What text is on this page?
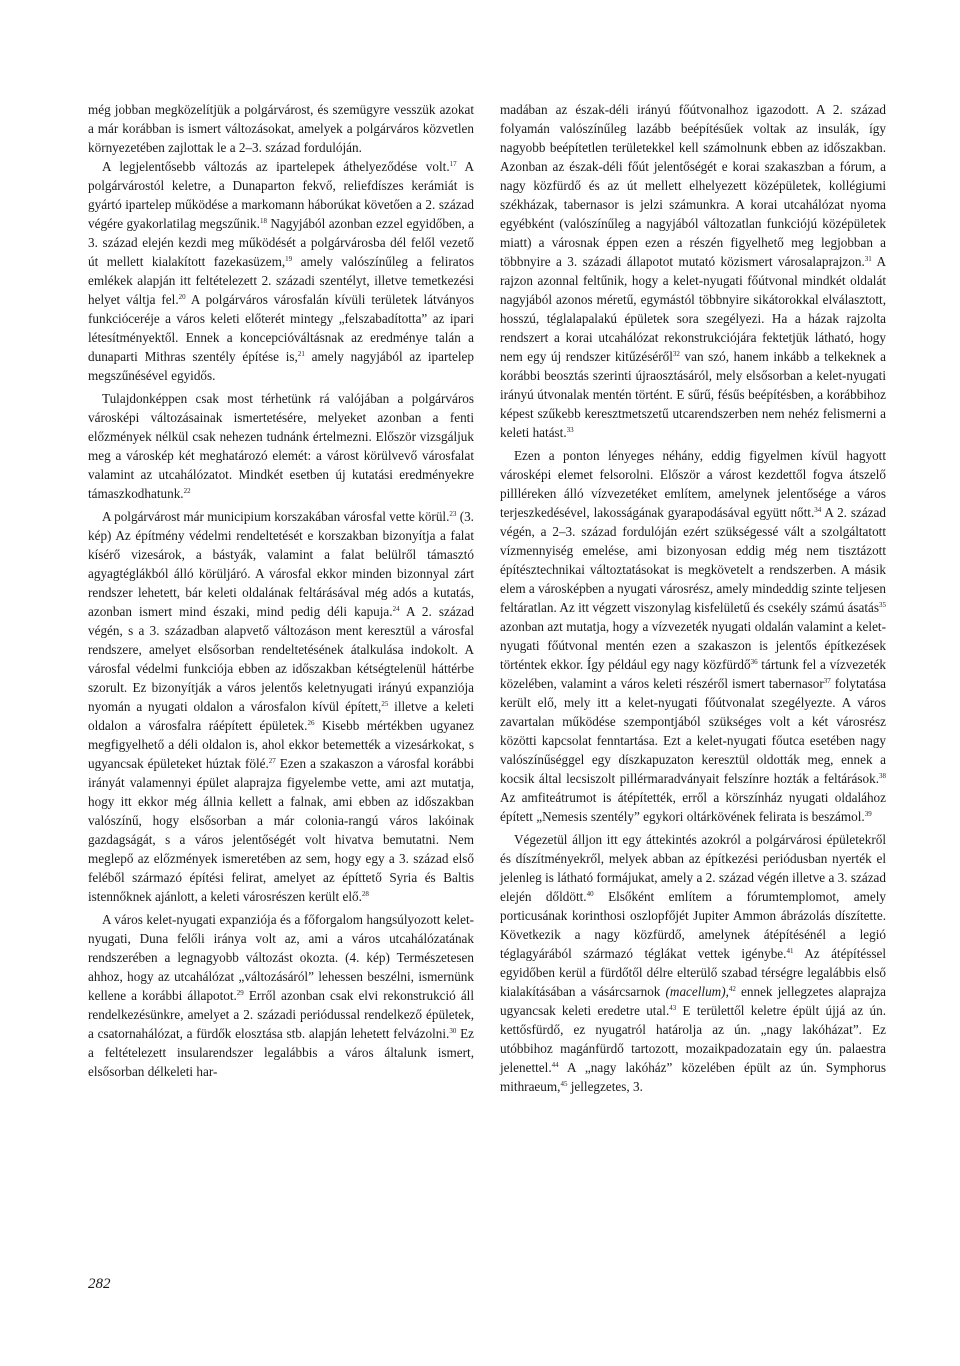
még jobban megközelítjük a polgárvárost, és szemügyre vesszük azokat a már korábban is ismert változásokat, amelyek a polgárváros közvetlen környezetében zajlottak le a 2–3. század fordulóján.

A legjelentősebb változás az ipartelepek áthelyeződése volt.$^{17}$ A polgárvárostól keletre, a Dunaparton fekvő, reliefdíszes kerámiát is gyártó ipartelep működése a markomann háborúkat követően a 2. század végére gyakorlatilag megszűnik.$^{18}$ Nagyjából azonban ezzel egyidőben, a 3. század elején kezdi meg működését a polgárvárosba dél felől vezető út mellett kialakított fazekasüzem,$^{19}$ amely valószínűleg a feliratos emlékek alapján itt feltételezett 2. századi szentélyt, illetve temetkezési helyet váltja fel.$^{20}$ A polgárváros városfalán kívüli területek látványos funkcióceréje a város keleti előterét mintegy „felszabadította” az ipari létesítményektől. Ennek a koncepcióváltásnak az eredménye talán a dunaparti Mithras szentély építése is,$^{21}$ amely nagyjából az ipartelep megszűnésével egyidős.

Tulajdonképpen csak most térhetünk rá valójában a polgárváros városképi változásainak ismertetésére, melyeket azonban a fenti előzmények nélkül csak nehezen tudnánk értelmezni. Először vizsgáljuk meg a városkép két meghatározó elemét: a várost körülvevő városfalat valamint az utcahálózatot. Mindkét esetben új kutatási eredményekre támaszkodhatunk.$^{22}$

A polgárvárost már municipium korszakában városfal vette körül.$^{23}$ (3. kép) Az építmény védelmi rendeltetését e korszakban bizonyítja a falat kísérő vizesárok, a bástyák, valamint a falat belülről támasztó agyagtéglákból álló körüljáró. A városfal ekkor minden bizonnyal zárt rendszer lehetett, bár keleti oldalának feltárásával még adós a kutatás, azonban ismert mind északi, mind pedig déli kapuja.$^{24}$ A 2. század végén, s a 3. században alapvető változáson ment keresztül a városfal rendszere, amelyet elsősorban rendeltetésének átalkulása indokolt. A városfal védelmi funkciója ebben az időszakban kétségtelenül háttérbe szorult. Ez bizonyítják a város jelentős keletnyugati irányú expanziója nyomán a nyugati oldalon a városfalon kívül épített,$^{25}$ illetve a keleti oldalon a városfalra ráépített épületek.$^{26}$ Kisebb mértékben ugyanez megfigyelhető a déli oldalon is, ahol ekkor betemették a vizesárkokat, s ugyancsak épületeket húztak fölé.$^{27}$ Ezen a szakaszon a városfal korábbi irányát valamennyi épület alaprajza figyelembe vette, ami azt mutatja, hogy itt ekkor még állnia kellett a falnak, ami ebben az időszakban valószínű, hogy elsősorban a már colonia-rangú város lakóinak gazdagságát, s a város jelentőségét volt hivatva bemutatni. Nem meglepő az előzmények ismeretében az sem, hogy egy a 3. század első feléből származó építési felirat, amelyet az építtető Syria és Baltis istennőknek ajánlott, a keleti városrészen került elő.$^{28}$

A város kelet-nyugati expanziója és a főforgalom hangsúlyozott kelet-nyugati, Duna felőli iránya volt az, ami a város utcahálózatának rendszerében a legnagyobb változást okozta. (4. kép) Természetesen ahhoz, hogy az utcahálózat „változásáról” lehessen beszélni, ismernünk kellene a korábbi állapotot.$^{29}$ Erről azonban csak elvi rekonstrukció áll rendelkezésünkre, amelyet a 2. századi periódussal rendelkező épületek, a csatornahálózat, a fürdők elosztása stb. alapján lehetett felvázolni.$^{30}$ Ez a feltételezett insularendszer legalábbis a város általunk ismert, elsősorban délkeleti har-

madában az észak-déli irányú főútvonalhoz igazodott. A 2. század folyamán valószínűleg lazább beépítésűek voltak az insulák, így nagyobb beépítetlen területekkel kell számolnunk ebben az időszakban. Azonban az észak-déli főút jelentőségét e korai szakaszban a fórum, a nagy közfürdő és az út mellett elhelyezett középületek, kollégiumi székházak, tabernasor is jelzi számunkra. A korai utcahálózat nyoma egyébként (valószínűleg a nagyjából változatlan funkciójú középületek miatt) a városnak éppen ezen a részén figyelhető meg legjobban a többnyire a 3. századi állapotot mutató közismert városalaprajzon.$^{31}$ A rajzon azonnal feltűnik, hogy a kelet-nyugati főútvonal mindkét oldalát nagyjából azonos méretű, egymástól többnyire sikátorokkal elválasztott, hosszú, téglalapalakú épületek sora szegélyezi. Ha a házak rajzolta rendszert a korai utcahálózat rekonstrukciójára fektetjük látható, hogy nem egy új rendszer kitűzéséről$^{32}$ van szó, hanem inkább a telkeknek a korábbi beosztás szerinti újraosztásáról, mely elsősorban a kelet-nyugati irányú útvonalak mentén történt. E sűrű, fésűs beépítésben, a korábbihoz képest szűkebb keresztmetszetű utcarendszerben nem nehéz felismerni a keleti hatást.$^{33}$

Ezen a ponton lényeges néhány, eddig figyelmen kívül hagyott városképi elemet felsorolni. Először a várost kezdettől fogva átszelő pillléreken álló vízvezetéket említem, amelynek jelentősége a város terjeszkedésével, lakosságának gyarapodásával együtt nőtt.$^{34}$ A 2. század végén, a 2–3. század fordulóján ezért szükségessé vált a szolgáltatott vízmennyiség emelése, ami bizonyosan eddig még nem tisztázott építésztechnikai változtatásokat is megkövetelt a rendszerben. A másik elem a városképben a nyugati városrész, amely mindeddig szinte teljesen feltáratlan. Az itt végzett viszonylag kisfelületű és csekély számú ásatás$^{35}$ azonban azt mutatja, hogy a vízvezeték nyugati oldalán valamint a kelet-nyugati főútvonal mentén ezen a szakaszon is jelentős építkezések történtek ekkor. Így például egy nagy közfürdő$^{36}$ tártunk fel a vízvezeték közelében, valamint a város keleti részéről ismert tabernasor$^{37}$ folytatása került elő, mely itt a kelet-nyugati főútvonalat szegélyezte. A város zavartalan működése szempontjából szükséges volt a két városrész közötti kapcsolat fenntartása. Ezt a kelet-nyugati főutca esetében nagy valószínűséggel egy díszkapuzaton keresztül oldották meg, ennek a kocsik által lecsiszolt pillérmaradványait felszínre hozták a feltárások.$^{38}$ Az amfiteátrumot is átépítették, erről a körszínház nyugati oldalához épített „Nemesis szentély” egykori oltárkövének felirata is beszámol.$^{39}$

Végezetül álljon itt egy áttekintés azokról a polgárvárosi épületekről és díszítményekről, melyek abban az építkezési periódusban nyerték el jelenleg is látható formájukat, amely a 2. század végén illetve a 3. század elején dőldött.$^{40}$ Elsőként említem a fórumtemplomot, amely porticusának korinthosi oszlopfőjét Jupiter Ammon ábrázolás díszítette. Következik a nagy közfürdő, amelynek átépítésénél a legió téglagyárából származó téglákat vettek igénybe.$^{41}$ Az átépítéssel egyidőben kerül a fürdőtől délre elterülő szabad térségre legalábbis első kialakításában a vásárcsarnok (macellum),$^{42}$ ennek jellegzetes alaprajza ugyancsak keleti eredetre utal.$^{43}$ E területtől keletre épült újjá az ún. kettősfürdő, ez nyugatról határolja az ún. „nagy lakóházat”. Ez utóbbihoz magánfürdő tartozott, mozaikpadozatain egy ún. palaestra jelenettel.$^{44}$ A „nagy lakóház” közelében épült az ún. Symphorus mithraeum,$^{45}$ jellegzetes, 3.

282
